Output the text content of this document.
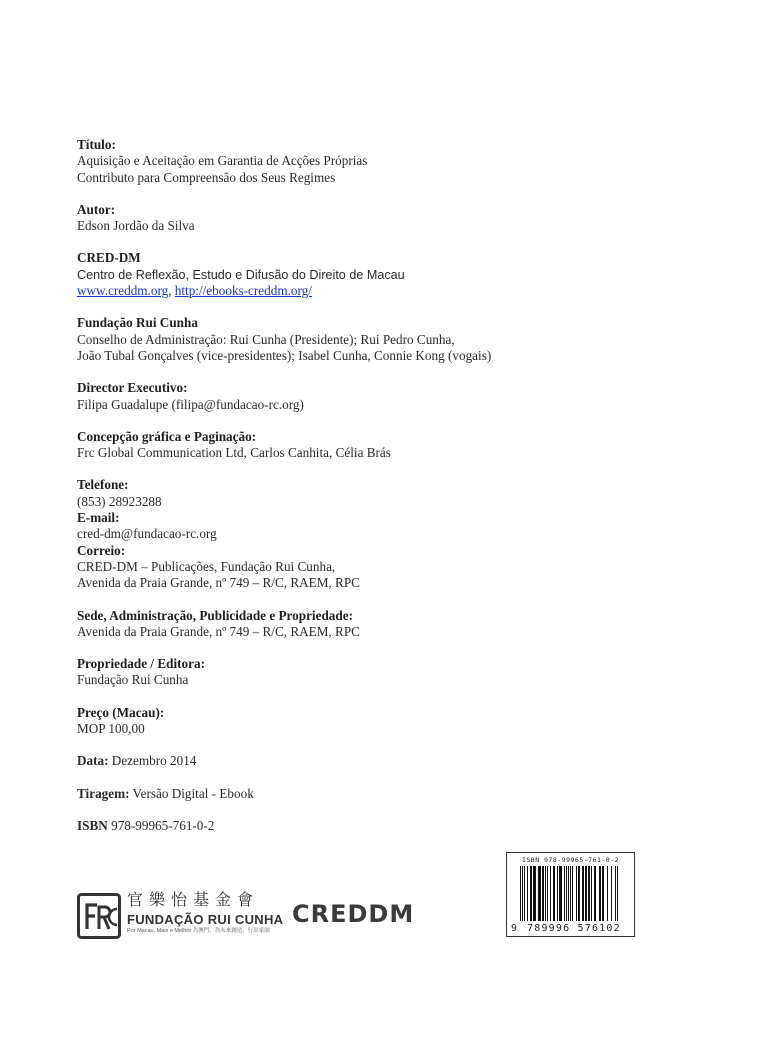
Título:
Aquisição e Aceitação em Garantia de Acções Próprias
Contributo para Compreensão dos Seus Regimes
Autor:
Edson Jordão da Silva
CRED-DM
Centro de Reflexão, Estudo e Difusão do Direito de Macau
www.creddm.org, http://ebooks-creddm.org/
Fundação Rui Cunha
Conselho de Administração: Rui Cunha (Presidente); Rui Pedro Cunha,
João Tubal Gonçalves (vice-presidentes); Isabel Cunha, Connie Kong (vogais)
Director Executivo:
Filipa Guadalupe (filipa@fundacao-rc.org)
Concepção gráfica e Paginação:
Frc Global Communication Ltd, Carlos Canhita, Célia Brás
Telefone:
(853) 28923288
E-mail:
cred-dm@fundacao-rc.org
Correio:
CRED-DM – Publicações, Fundação Rui Cunha,
Avenida da Praia Grande, nº 749 – R/C, RAEM, RPC
Sede, Administração, Publicidade e Propriedade:
Avenida da Praia Grande, nº 749 – R/C, RAEM, RPC
Propriedade / Editora:
Fundação Rui Cunha
Preço (Macau):
MOP 100,00
Data: Dezembro 2014
Tiragem: Versão Digital - Ebook
ISBN 978-99965-761-0-2
官樂怡基金會
FUNDAÇÃO RUI CUNHA
Por Macau, Mais e Melhor 為澳門，為未來創造，行出家園
CREDDM
ISBN 978-99965-761-0-2
9 789996 576102
